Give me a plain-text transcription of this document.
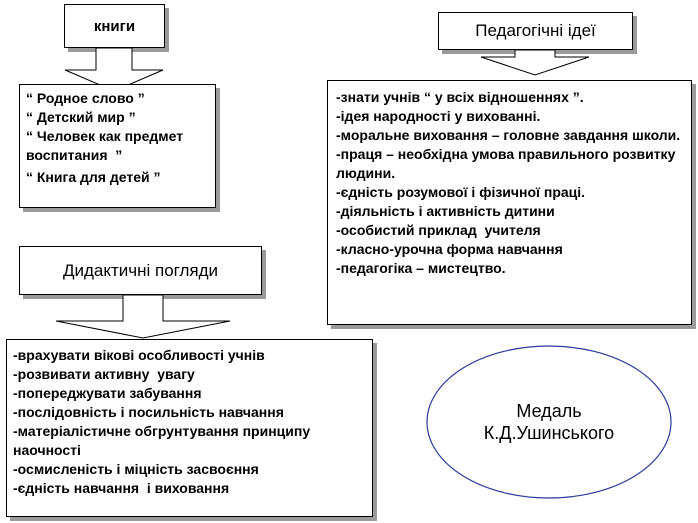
книги
“ Родное слово ”
“ Детский мир ”
“ Человек как предмет воспитания  ”
“ Книга для детей ”
Педагогічні ідеї
-знати учнів “ у всіх відношеннях ”.
-ідея народності у вихованні.
-моральне виховання – головне завдання школи.
-праця – необхідна умова правильного розвитку людини.
-єдність розумової і фізичної праці.
-діяльність і активність дитини
-особистий приклад  учителя
-класно-урочна форма навчання
-педагогіка – мистецтво.
Дидактичні погляди
-врахувати вікові особливості учнів
-розвивати активну  увагу
-попереджувати забування
-послідовність і посильність навчання
-матеріалістичне обгрунтування принципу наочності
-осмисленість і міцність засвоєння
-єдність навчання  і виховання
Медаль
К.Д.Ушинського
